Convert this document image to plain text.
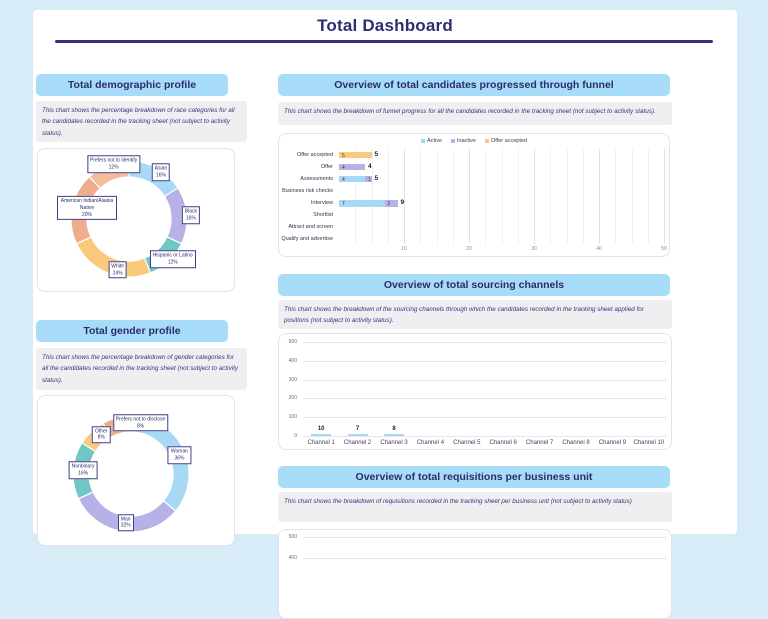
Total Dashboard
Total demographic profile
This chart shows the percentage breakdown of race categories for all the candidates recorded in the tracking sheet (not subject to activity status).
Asian
16%
Black
16%
Hispanic or Latino
12%
White
24%
American Indian/Alaska Native
20%
Prefers not to identify
12%
Total gender profile
This chart shows the percentage breakdown of gender categories for all the candidates recorded in the tracking sheet (not subject to activity status).
Woman
36%
Man
32%
Nonbinary
16%
Other
8%
Prefers not to disclose
8%
Overview of total candidates progressed through funnel
This chart shows the breakdown of funnel progress for all the candidates recorded in the tracking sheet (not subject to activity status).
Active	Inactive	Offer accepted
10	20	30	40	50
Offer accepted 5	5
Offer 4	4
Assessments 4	1 5
Business risk checks
Interview 7	2 9
Shortlist
Attract and screen
Qualify and advertise
Overview of total sourcing channels
This chart shows the breakdown of the sourcing channels through which the candidates recorded in the tracking sheet applied for positions (not subject to activity status).
0
100
200
300
400
500
Channel 1
10
Channel 2
7
Channel 3
8
Channel 4	Channel 5	Channel 6	Channel 7	Channel 8	Channel 9	Channel 10
Overview of total requisitions per business unit
This chart shows the breakdown of requisitions recorded in the tracking sheet per business unit (not subject to activity status)
500
400
